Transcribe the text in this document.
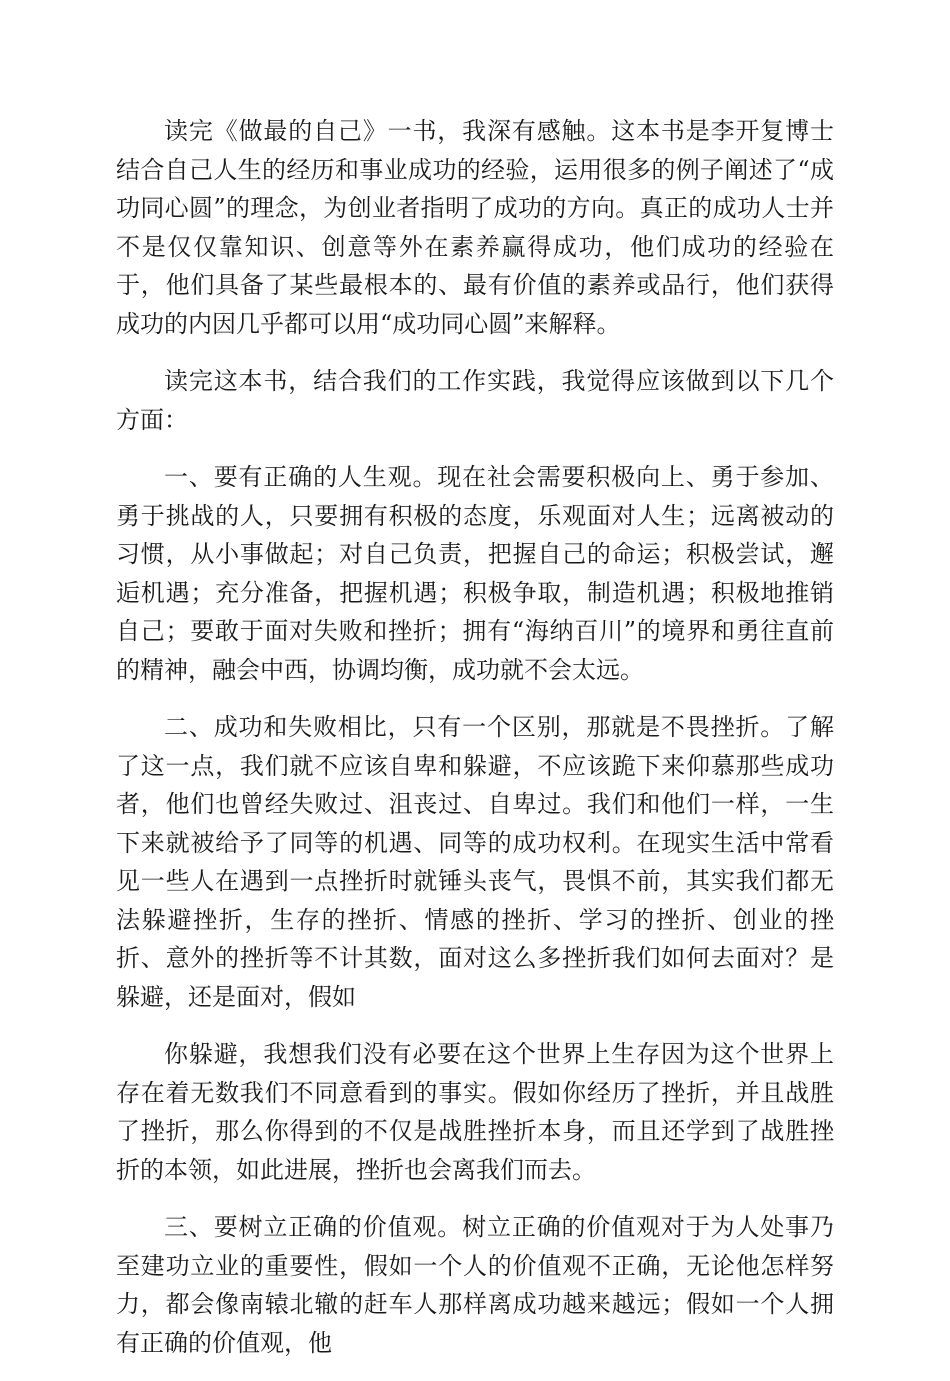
读完《做最的自己》一书，我深有感触。这本书是李开复博士结合自己人生的经历和事业成功的经验，运用很多的例子阐述了“成功同心圆”的理念，为创业者指明了成功的方向。真正的成功人士并不是仅仅靠知识、创意等外在素养赢得成功，他们成功的经验在于，他们具备了某些最根本的、最有价值的素养或品行，他们获得成功的内因几乎都可以用“成功同心圆”来解释。

读完这本书，结合我们的工作实践，我觉得应该做到以下几个方面：

一、要有正确的人生观。现在社会需要积极向上、勇于参加、勇于挑战的人，只要拥有积极的态度，乐观面对人生；远离被动的习惯，从小事做起；对自己负责，把握自己的命运；积极尝试，邂逅机遇；充分准备，把握机遇；积极争取，制造机遇；积极地推销自己；要敢于面对失败和挫折；拥有“海纳百川”的境界和勇往直前的精神，融会中西，协调均衡，成功就不会太远。

二、成功和失败相比，只有一个区别，那就是不畏挫折。了解了这一点，我们就不应该自卑和躲避，不应该跪下来仰慕那些成功者，他们也曾经失败过、沮丧过、自卑过。我们和他们一样，一生下来就被给予了同等的机遇、同等的成功权利。在现实生活中常看见一些人在遇到一点挫折时就锤头丧气，畏惧不前，其实我们都无法躲避挫折，生存的挫折、情感的挫折、学习的挫折、创业的挫折、意外的挫折等不计其数，面对这么多挫折我们如何去面对？是躲避，还是面对，假如

你躲避，我想我们没有必要在这个世界上生存因为这个世界上存在着无数我们不同意看到的事实。假如你经历了挫折，并且战胜了挫折，那么你得到的不仅是战胜挫折本身，而且还学到了战胜挫折的本领，如此进展，挫折也会离我们而去。

三、要树立正确的价值观。树立正确的价值观对于为人处事乃至建功立业的重要性，假如一个人的价值观不正确，无论他怎样努力，都会像南辕北辙的赶车人那样离成功越来越远；假如一个人拥有正确的价值观，他
